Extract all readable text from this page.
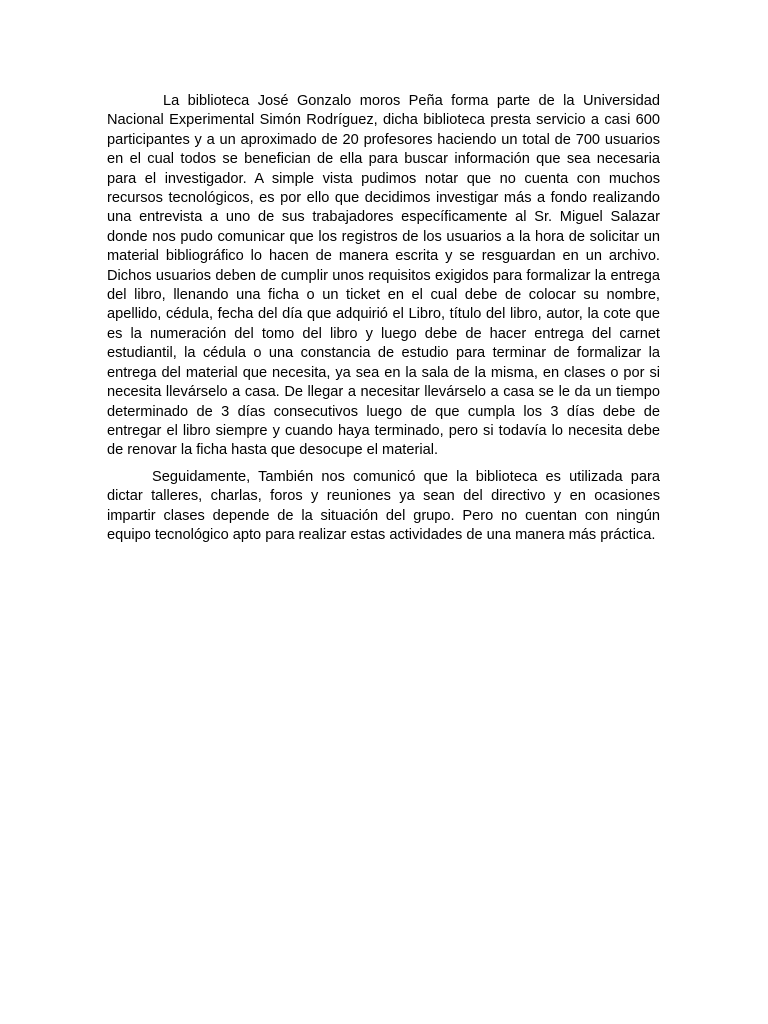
La biblioteca José Gonzalo moros Peña forma parte de la Universidad Nacional Experimental Simón Rodríguez, dicha biblioteca presta servicio a casi 600 participantes y a un aproximado de 20 profesores haciendo un total de 700 usuarios en el cual todos se benefician de ella para buscar información que sea necesaria para el investigador. A simple vista pudimos notar que no cuenta con muchos recursos tecnológicos, es por ello que decidimos investigar más a fondo realizando una entrevista a uno de sus trabajadores específicamente al Sr. Miguel Salazar donde nos pudo comunicar que los registros de los usuarios a la hora de solicitar un material bibliográfico lo hacen de manera escrita y se resguardan en un archivo. Dichos usuarios deben de cumplir unos requisitos exigidos para formalizar la entrega del libro, llenando una ficha o un ticket en el cual debe de colocar su nombre, apellido, cédula, fecha del día que adquirió el Libro, título del libro, autor, la cote que es la numeración del tomo del libro y luego debe de hacer entrega del carnet estudiantil, la cédula o una constancia de estudio para terminar de formalizar la entrega del material que necesita, ya sea en la sala de la misma, en clases o por si necesita llevárselo a casa. De llegar a necesitar llevárselo a casa se le da un tiempo determinado de 3 días consecutivos luego de que cumpla los 3 días debe de entregar el libro siempre y cuando haya terminado, pero si todavía lo necesita debe de renovar la ficha hasta que desocupe el material.

Seguidamente, También nos comunicó que la biblioteca es utilizada para dictar talleres, charlas, foros y reuniones ya sean del directivo y en ocasiones impartir clases depende de la situación del grupo. Pero no cuentan con ningún equipo tecnológico apto para realizar estas actividades de una manera más práctica.
